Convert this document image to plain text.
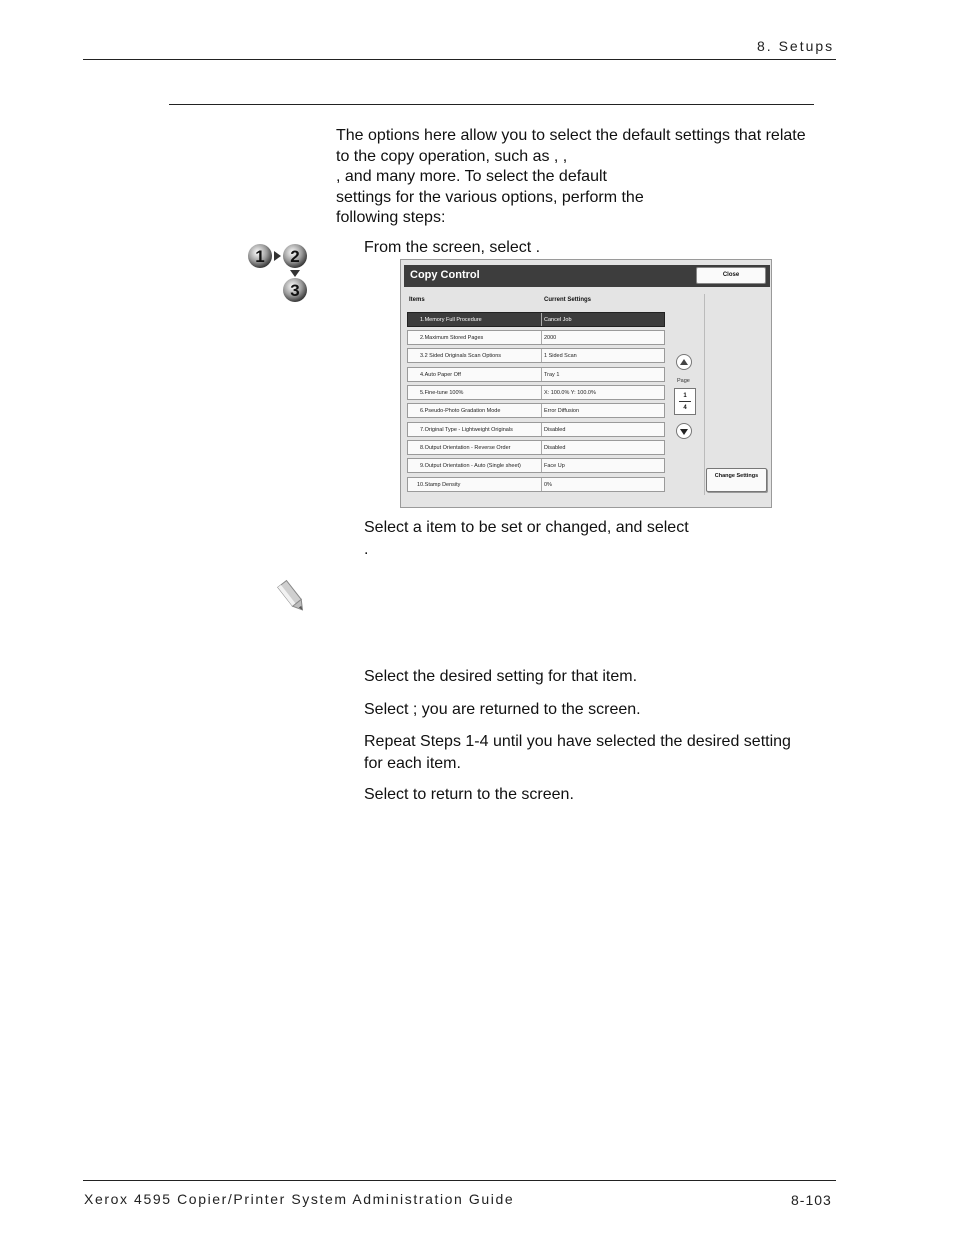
8. Setups
The options here allow you to select the default settings that relate
to the copy operation, such as , ,
, and many more. To select the default
settings for the various options, perform the
following steps:
1 2
3
From the screen, select .
Copy Control	Close
Items	Current Settings
1.Memory Full Procedure	Cancel Job
2.Maximum Stored Pages	2000
3.2 Sided Originals Scan Options	1 Sided Scan
4.Auto Paper Off	Tray 1
5.Fine-tune 100%	X: 100.0% Y: 100.0%
6.Pseudo-Photo Gradation Mode	Error Diffusion
7.Original Type - Lightweight Originals	Disabled
8.Output Orientation - Reverse Order	Disabled
9.Output Orientation - Auto (Single sheet)	Face Up
10.Stamp Density	0%
Page
1
4
Change Settings
Select a item to be set or changed, and select
.
Select the desired setting for that item.
Select ; you are returned to the screen.
Repeat Steps 1-4 until you have selected the desired setting
for each item.
Select to return to the screen.
Xerox 4595 Copier/Printer System Administration Guide	8-103
